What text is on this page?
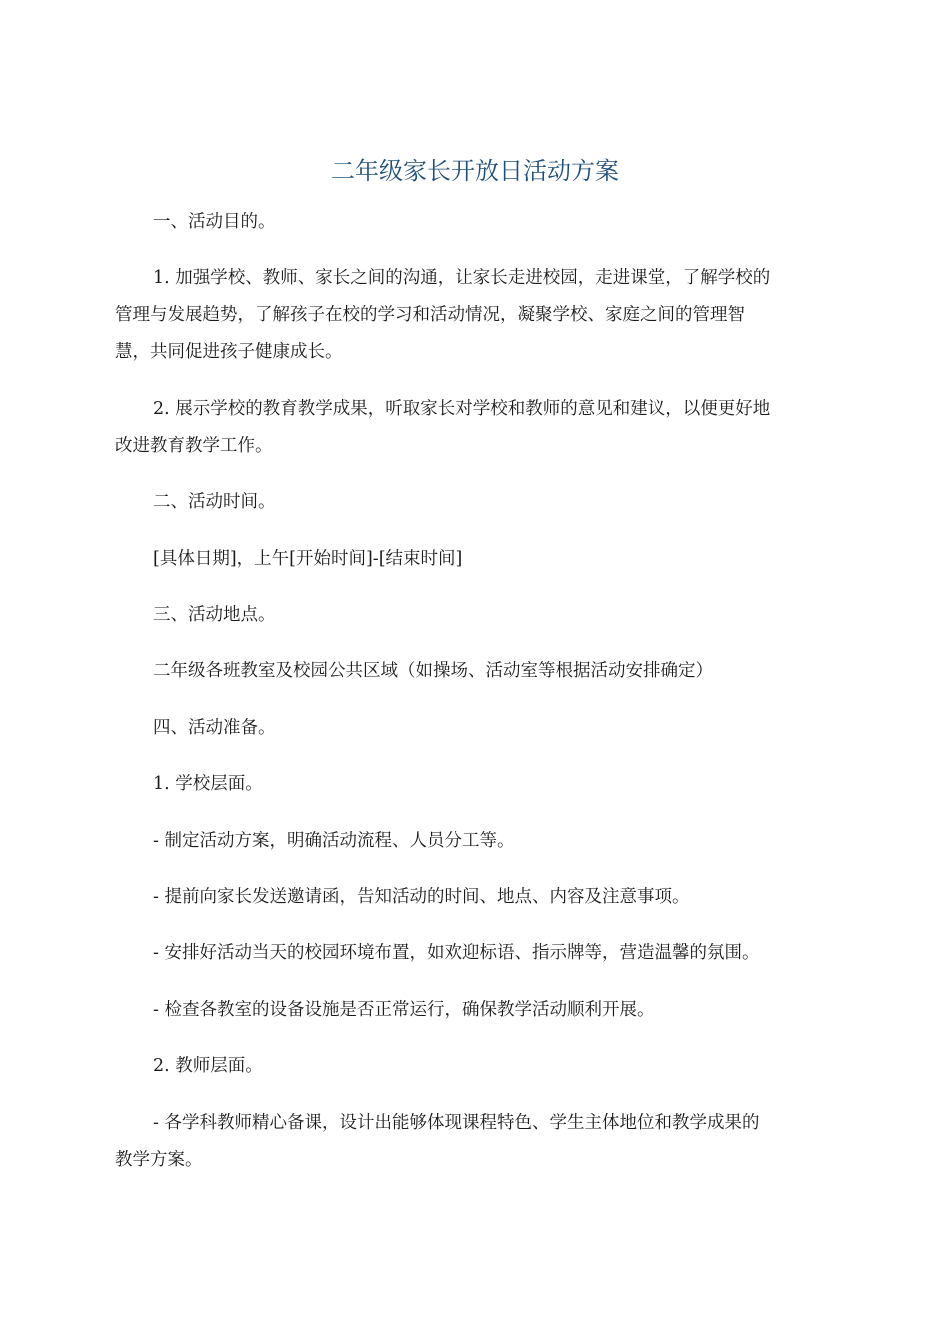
二年级家长开放日活动方案

一、活动目的。

1. 加强学校、教师、家长之间的沟通，让家长走进校园，走进课堂，了解学校的

管理与发展趋势，了解孩子在校的学习和活动情况，凝聚学校、家庭之间的管理智

慧，共同促进孩子健康成长。

2. 展示学校的教育教学成果，听取家长对学校和教师的意见和建议，以便更好地

改进教育教学工作。

二、活动时间。

[具体日期]，上午[开始时间]-[结束时间]

三、活动地点。

二年级各班教室及校园公共区域（如操场、活动室等根据活动安排确定）

四、活动准备。

1. 学校层面。

- 制定活动方案，明确活动流程、人员分工等。

- 提前向家长发送邀请函，告知活动的时间、地点、内容及注意事项。

- 安排好活动当天的校园环境布置，如欢迎标语、指示牌等，营造温馨的氛围。

- 检查各教室的设备设施是否正常运行，确保教学活动顺利开展。

2. 教师层面。

- 各学科教师精心备课，设计出能够体现课程特色、学生主体地位和教学成果的

教学方案。
